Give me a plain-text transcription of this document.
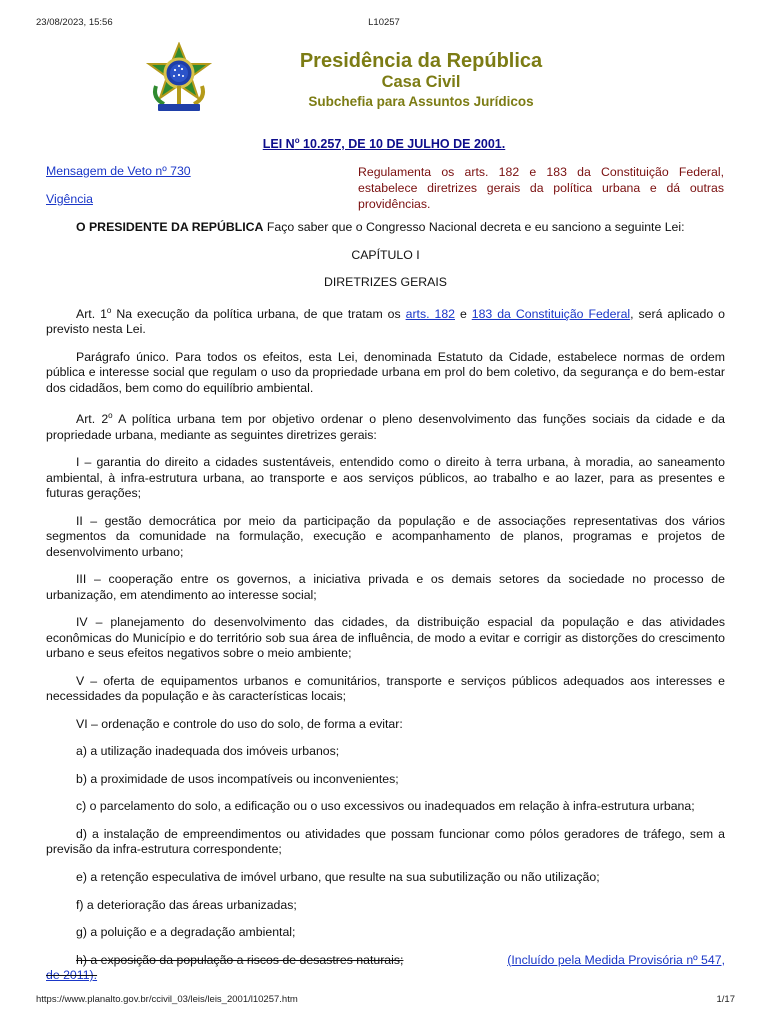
23/08/2023, 15:56	L10257
Presidência da República
Casa Civil
Subchefia para Assuntos Jurídicos
LEI $N^o$ 10.257, DE 10 DE JULHO DE 2001.
Mensagem de Veto nº 730
Vigência
Regulamenta os arts. 182 e 183 da Constituição Federal, estabelece diretrizes gerais da política urbana e dá outras providências.

O PRESIDENTE DA REPÚBLICA Faço saber que o Congresso Nacional decreta e eu sanciono a seguinte Lei:

CAPÍTULO I

DIRETRIZES GERAIS

Art. 1$^o$ Na execução da política urbana, de que tratam os arts. 182 e 183 da Constituição Federal, será aplicado o previsto nesta Lei.

Parágrafo único. Para todos os efeitos, esta Lei, denominada Estatuto da Cidade, estabelece normas de ordem pública e interesse social que regulam o uso da propriedade urbana em prol do bem coletivo, da segurança e do bem-estar dos cidadãos, bem como do equilíbrio ambiental.

Art. 2$^o$ A política urbana tem por objetivo ordenar o pleno desenvolvimento das funções sociais da cidade e da propriedade urbana, mediante as seguintes diretrizes gerais:

I – garantia do direito a cidades sustentáveis, entendido como o direito à terra urbana, à moradia, ao saneamento ambiental, à infra-estrutura urbana, ao transporte e aos serviços públicos, ao trabalho e ao lazer, para as presentes e futuras gerações;

II – gestão democrática por meio da participação da população e de associações representativas dos vários segmentos da comunidade na formulação, execução e acompanhamento de planos, programas e projetos de desenvolvimento urbano;

III – cooperação entre os governos, a iniciativa privada e os demais setores da sociedade no processo de urbanização, em atendimento ao interesse social;

IV – planejamento do desenvolvimento das cidades, da distribuição espacial da população e das atividades econômicas do Município e do território sob sua área de influência, de modo a evitar e corrigir as distorções do crescimento urbano e seus efeitos negativos sobre o meio ambiente;

V – oferta de equipamentos urbanos e comunitários, transporte e serviços públicos adequados aos interesses e necessidades da população e às características locais;

VI – ordenação e controle do uso do solo, de forma a evitar:

a) a utilização inadequada dos imóveis urbanos;

b) a proximidade de usos incompatíveis ou inconvenientes;

c) o parcelamento do solo, a edificação ou o uso excessivos ou inadequados em relação à infra-estrutura urbana;

d) a instalação de empreendimentos ou atividades que possam funcionar como pólos geradores de tráfego, sem a previsão da infra-estrutura correspondente;

e) a retenção especulativa de imóvel urbano, que resulte na sua subutilização ou não utilização;

f) a deterioração das áreas urbanizadas;

g) a poluição e a degradação ambiental;

h) a exposição da população a riscos de desastres naturais;	(Incluído pela Medida Provisória nº 547,

de 2011).

https://www.planalto.gov.br/ccivil_03/leis/leis_2001/l10257.htm	1/17
